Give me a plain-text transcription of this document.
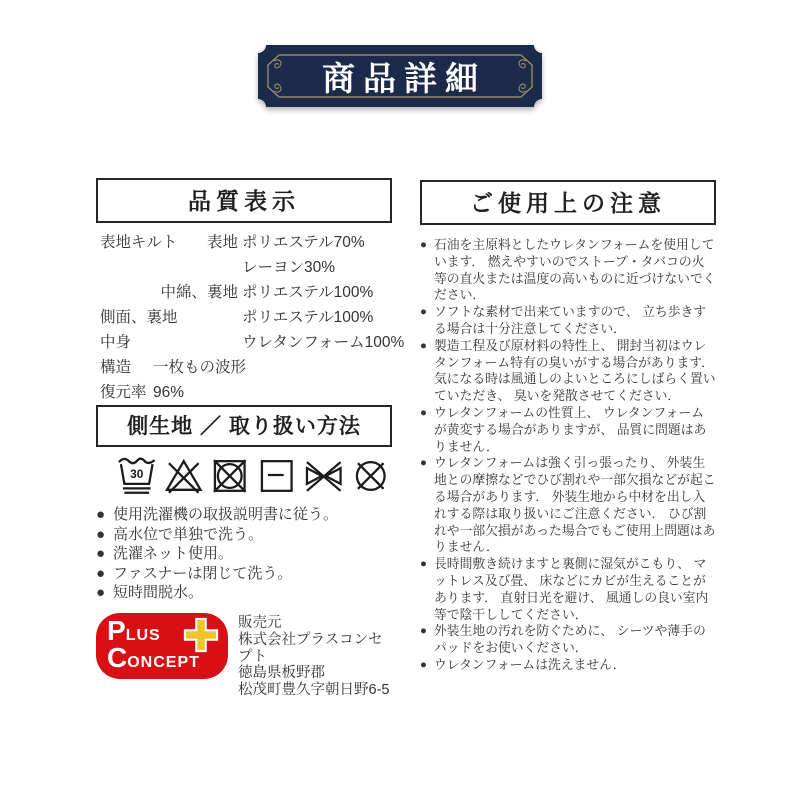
商品詳細
品質表示
表地キルト 表地 ポリエステル70%
レーヨン30%
中綿、裏地 ポリエステル100%
側面、裏地	ポリエステル100%
中身	ウレタンフォーム100%
構造	一枚もの波形
復元率 96%
側生地 ／ 取り扱い方法
30
● 使用洗濯機の取扱説明書に従う。
● 高水位で単独で洗う。
● 洗濯ネット使用。
● ファスナーは閉じて洗う。
● 短時間脱水。
PLUS
CONCEPT
販売元
株式会社プラスコンセプト
徳島県板野郡
松茂町豊久字朝日野6-5
ご使用上の注意
● 石油を主原料としたウレタンフォームを使用しています． 燃えやすいのでストーブ・タバコの火等の直火または温度の高いものに近づけないでください．
● ソフトな素材で出来ていますので、 立ち歩きする場合は十分注意してください．
● 製造工程及び原材料の特性上、 開封当初はウレタンフォーム特有の臭いがする場合があります． 気になる時は風通しのよいところにしばらく置いていただき、 臭いを発散させてください．
● ウレタンフォームの性質上、 ウレタンフォームが黄変する場合がありますが、 品質に問題はありません．
● ウレタンフォームは強く引っ張ったり、 外装生地との摩擦などでひび割れや一部欠損などが起こる場合があります． 外装生地から中材を出し入れする際は取り扱いにご注意ください． ひび割れや一部欠損があった場合でもご使用上問題はありません．
● 長時間敷き続けますと裏側に湿気がこもり、 マットレス及び畳、 床などにカビが生えることがあります． 直射日光を避け、 風通しの良い室内等で陰干ししてください．
● 外装生地の汚れを防ぐために、 シーツや薄手のパッドをお使いください．
● ウレタンフォームは洗えません．
